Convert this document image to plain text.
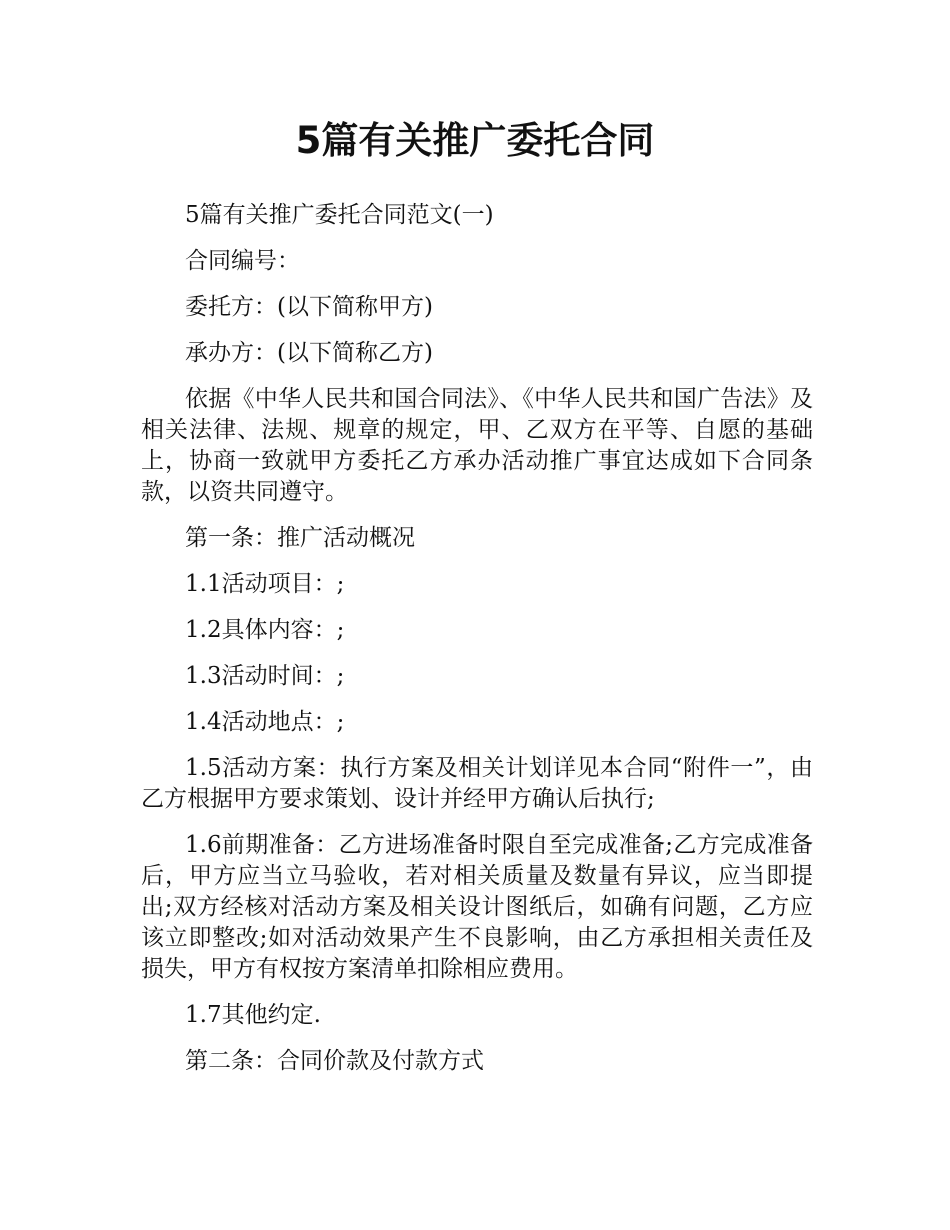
5篇有关推广委托合同

5篇有关推广委托合同范文(一)

合同编号：

委托方：(以下简称甲方)

承办方：(以下简称乙方)

依据《中华人民共和国合同法》、《中华人民共和国广告法》及相关法律、法规、规章的规定，甲、乙双方在平等、自愿的基础上，协商一致就甲方委托乙方承办活动推广事宜达成如下合同条款，以资共同遵守。

第一条：推广活动概况

1.1活动项目：;

1.2具体内容：;

1.3活动时间：;

1.4活动地点：;

1.5活动方案：执行方案及相关计划详见本合同“附件一”，由乙方根据甲方要求策划、设计并经甲方确认后执行;

1.6前期准备：乙方进场准备时限自至完成准备;乙方完成准备后，甲方应当立马验收，若对相关质量及数量有异议，应当即提出;双方经核对活动方案及相关设计图纸后，如确有问题，乙方应该立即整改;如对活动效果产生不良影响，由乙方承担相关责任及损失，甲方有权按方案清单扣除相应费用。

1.7其他约定.

第二条：合同价款及付款方式
